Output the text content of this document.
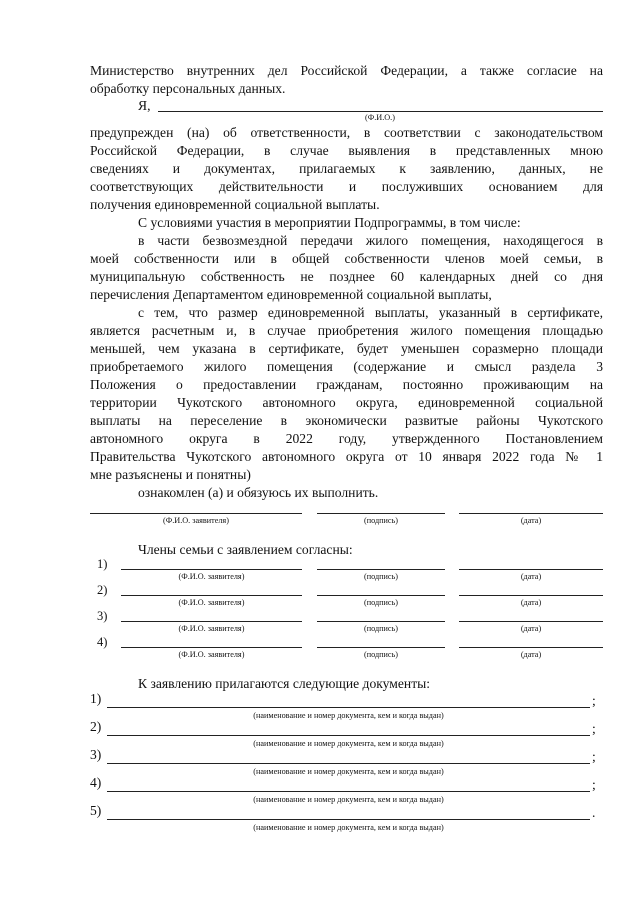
Министерство внутренних дел Российской Федерации, а также согласие на
обработку персональных данных.
Я,
(Ф.И.О.)
предупрежден (на) об ответственности, в соответствии с законодательством
Российской Федерации, в случае выявления в представленных мною
сведениях и документах, прилагаемых к заявлению, данных, не
соответствующих действительности и послуживших основанием для
получения единовременной социальной выплаты.
С условиями участия в мероприятии Подпрограммы, в том числе:
в части безвозмездной передачи жилого помещения, находящегося в
моей собственности или в общей собственности членов моей семьи, в
муниципальную собственность не позднее 60 календарных дней со дня
перечисления Департаментом единовременной социальной выплаты,
с тем, что размер единовременной выплаты, указанный в сертификате,
является расчетным и, в случае приобретения жилого помещения площадью
меньшей, чем указана в сертификате, будет уменьшен соразмерно площади
приобретаемого жилого помещения (содержание и смысл раздела 3
Положения о предоставлении гражданам, постоянно проживающим на
территории Чукотского автономного округа, единовременной социальной
выплаты на переселение в экономически развитые районы Чукотского
автономного округа в 2022 году, утвержденного Постановлением
Правительства Чукотского автономного округа от 10 января 2022 года № 1
мне разъяснены и понятны)
ознакомлен (а) и обязуюсь их выполнить.
(Ф.И.О. заявителя)	(подпись)	(дата)
Члены семьи с заявлением согласны:
1)
(Ф.И.О. заявителя)	(подпись)	(дата)
2)
(Ф.И.О. заявителя)	(подпись)	(дата)
3)
(Ф.И.О. заявителя)	(подпись)	(дата)
4)
(Ф.И.О. заявителя)	(подпись)	(дата)
К заявлению прилагаются следующие документы:
1)	;
(наименование и номер документа, кем и когда выдан)
2)	;
(наименование и номер документа, кем и когда выдан)
3)	;
(наименование и номер документа, кем и когда выдан)
4)	;
(наименование и номер документа, кем и когда выдан)
5)	.
(наименование и номер документа, кем и когда выдан)
